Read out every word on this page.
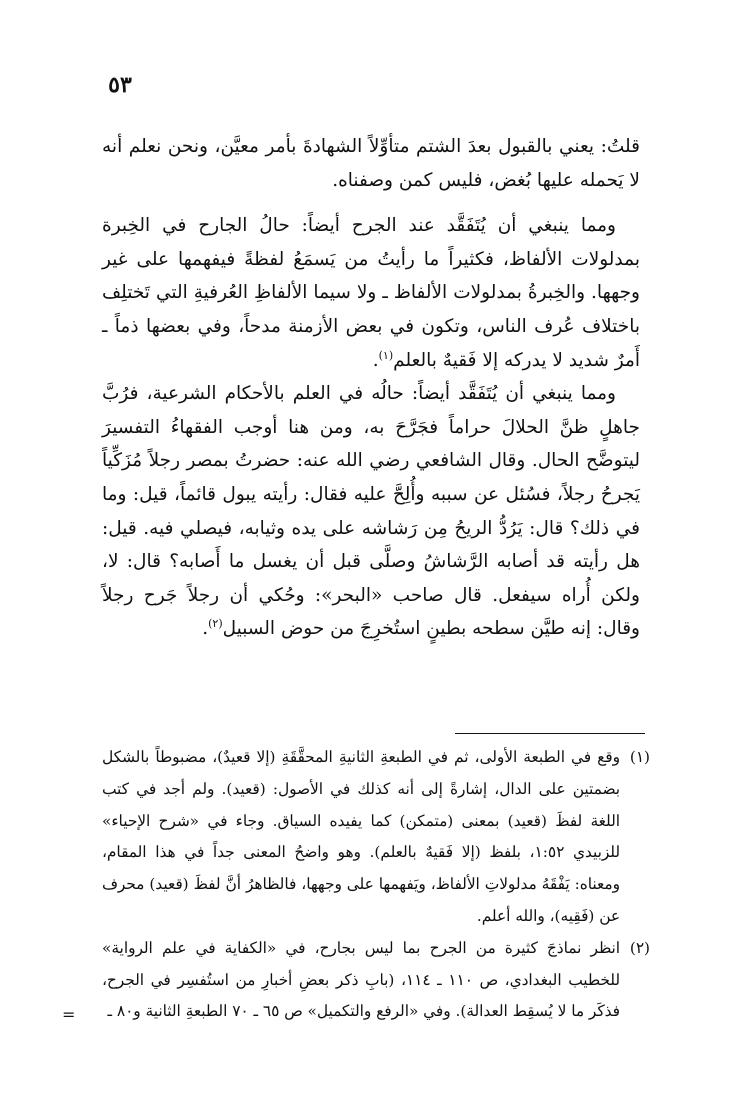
٥٣

قلتُ: يعني بالقبول بعدَ الشتم متأوِّلاً الشهادةَ بأمر معيَّن، ونحن نعلم أنه لا يَحمله عليها بُغض، فليس كمن وصفناه.

ومما ينبغي أن يُتَفَقَّد عند الجرح أيضاً: حالُ الجارح في الخِبرة بمدلولات الألفاظ، فكثيراً ما رأيتُ من يَسمَعُ لفظةً فيفهمها على غير وجهها. والخِبرةُ بمدلولات الألفاظ ـ ولا سيما الألفاظِ العُرفيةِ التي تَختلِف باختلاف عُرف الناس، وتكون في بعض الأزمنة مدحاً، وفي بعضها ذماً ـ أَمرٌ شديد لا يدركه إلا فَقيهٌ بالعلم$^{(١)}$.

ومما ينبغي أن يُتَفَقَّد أيضاً: حالُه في العلم بالأحكام الشرعية، فرُبَّ جاهلٍ ظنَّ الحلالَ حراماً فجَرَّحَ به، ومن هنا أوجب الفقهاءُ التفسيرَ ليتوضَّح الحال. وقال الشافعي رضي الله عنه: حضرتُ بمصر رجلاً مُزَكِّياً يَجرحُ رجلاً، فسُئل عن سببه وأُلِحَّ عليه فقال: رأيته يبول قائماً، قيل: وما في ذلك؟ قال: يَرُدُّ الريحُ مِن رَشاشه على يده وثيابه، فيصلي فيه. قيل: هل رأيته قد أصابه الرَّشاشُ وصلَّى قبل أن يغسل ما أَصابه؟ قال: لا، ولكن أُراه سيفعل. قال صاحب «البحر»: وحُكي أن رجلاً جَرح رجلاً وقال: إنه طيَّن سطحه بطينٍ استُخرِجَ من حوض السبيل$^{(٢)}$.

(١)
وقع في الطبعة الأولى، ثم في الطبعةِ الثانيةِ المحقَّقَةِ (إلا قعيدٌ)، مضبوطاً بالشكل بضمتين على الدال، إشارةً إلى أنه كذلك في الأصول: (قعيد). ولم أجد في كتب اللغة لفظَ (قعيد) بمعنى (متمكن) كما يفيده السياق. وجاء في «شرح الإحياء» للزبيدي ١:٥٢، بلفظ (إلا فَقيهٌ بالعلم). وهو واضحُ المعنى جداً في هذا المقام، ومعناه: يَفْقَهُ مدلولاتِ الألفاظ، ويَفهمها على وجهها، فالظاهرُ أنَّ لفظَ (قعيد) محرف عن (فَقِيه)، والله أعلم.
(٢)
انظر نماذجَ كثيرة من الجرح بما ليس بجارح، في «الكفاية في علم الرواية» للخطيب البغدادي، ص ١١٠ ـ ١١٤، (بابِ ذكر بعضِ أخبارِ من استُفسِر في الجرح، فذكَر ما لا يُسقِط العدالة). وفي «الرفع والتكميل» ص ٦٥ ـ ٧٠ الطبعةِ الثانية و٨٠ ـ
=
